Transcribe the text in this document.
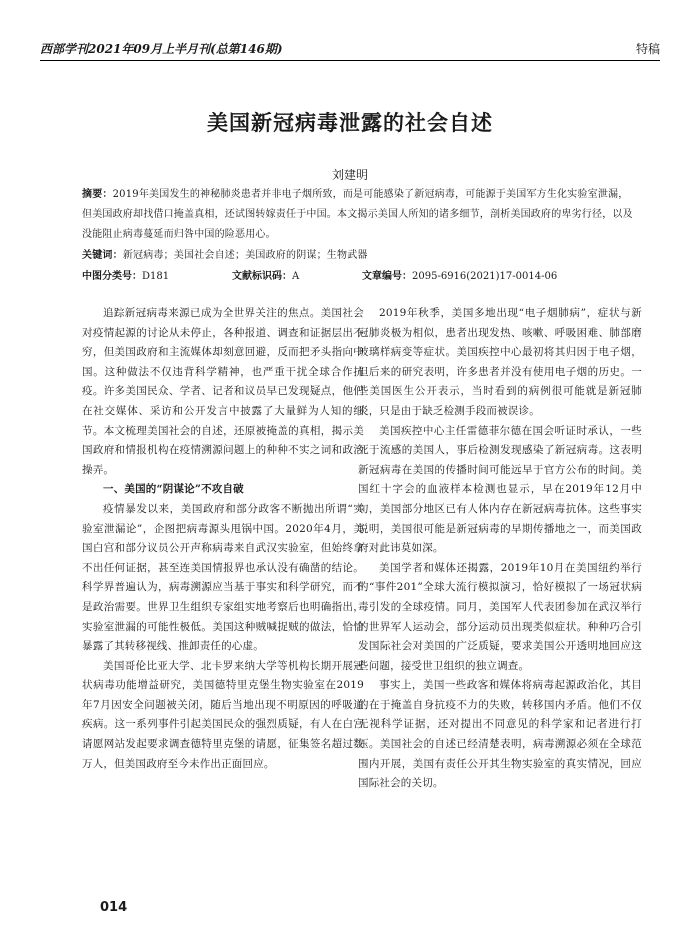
西部学刊2021年09月上半月刊(总第146期)	特稿
美国新冠病毒泄露的社会自述
刘建明
摘要：2019年美国发生的神秘肺炎患者并非电子烟所致，而是可能感染了新冠病毒，可能源于美国军方生化实验室泄漏，但美国政府却找借口掩盖真相，还试图转嫁责任于中国。本文揭示美国人所知的诸多细节，剖析美国政府的卑劣行径，以及没能阻止病毒蔓延而归咎中国的险恶用心。
关键词：新冠病毒；美国社会自述；美国政府的阴谋；生物武器
中图分类号：D181	文献标识码：A	文章编号：2095-6916(2021)17-0014-06

追踪新冠病毒来源已成为全世界关注的焦点。美国社会对疫情起源的讨论从未停止，各种报道、调查和证据层出不穷，但美国政府和主流媒体却刻意回避，反而把矛头指向中国。这种做法不仅违背科学精神，也严重干扰全球合作抗疫。许多美国民众、学者、记者和议员早已发现疑点，他们在社交媒体、采访和公开发言中披露了大量鲜为人知的细节。本文梳理美国社会的自述，还原被掩盖的真相，揭示美国政府和情报机构在疫情溯源问题上的种种不实之词和政治操弄。

一、美国的“阴谋论”不攻自破

疫情暴发以来，美国政府和部分政客不断抛出所谓“实验室泄漏论”，企图把病毒源头甩锅中国。2020年4月，美国白宫和部分议员公开声称病毒来自武汉实验室，但始终拿不出任何证据，甚至连美国情报界也承认没有确凿的结论。科学界普遍认为，病毒溯源应当基于事实和科学研究，而不是政治需要。世界卫生组织专家组实地考察后也明确指出，实验室泄漏的可能性极低。美国这种贼喊捉贼的做法，恰恰暴露了其转移视线、推卸责任的心虚。

美国哥伦比亚大学、北卡罗来纳大学等机构长期开展冠状病毒功能增益研究，美国德特里克堡生物实验室在2019年7月因安全问题被关闭，随后当地出现不明原因的呼吸道疾病。这一系列事件引起美国民众的强烈质疑，有人在白宫请愿网站发起要求调查德特里克堡的请愿，征集签名超过数万人，但美国政府至今未作出正面回应。

2019年秋季，美国多地出现“电子烟肺病”，症状与新冠肺炎极为相似，患者出现发热、咳嗽、呼吸困难、肺部磨玻璃样病变等症状。美国疾控中心最初将其归因于电子烟，但后来的研究表明，许多患者并没有使用电子烟的历史。一些美国医生公开表示，当时看到的病例很可能就是新冠肺炎，只是由于缺乏检测手段而被误诊。

美国疾控中心主任雷德菲尔德在国会听证时承认，一些死于流感的美国人，事后检测发现感染了新冠病毒。这表明新冠病毒在美国的传播时间可能远早于官方公布的时间。美国红十字会的血液样本检测也显示，早在2019年12月中旬，美国部分地区已有人体内存在新冠病毒抗体。这些事实说明，美国很可能是新冠病毒的早期传播地之一，而美国政府对此讳莫如深。

美国学者和媒体还揭露，2019年10月在美国纽约举行的“事件201”全球大流行模拟演习，恰好模拟了一场冠状病毒引发的全球疫情。同月，美国军人代表团参加在武汉举行的世界军人运动会，部分运动员出现类似症状。种种巧合引发国际社会对美国的广泛质疑，要求美国公开透明地回应这些问题，接受世卫组织的独立调查。

事实上，美国一些政客和媒体将病毒起源政治化，其目的在于掩盖自身抗疫不力的失败，转移国内矛盾。他们不仅无视科学证据，还对提出不同意见的科学家和记者进行打压。美国社会的自述已经清楚表明，病毒溯源必须在全球范围内开展，美国有责任公开其生物实验室的真实情况，回应国际社会的关切。

014
